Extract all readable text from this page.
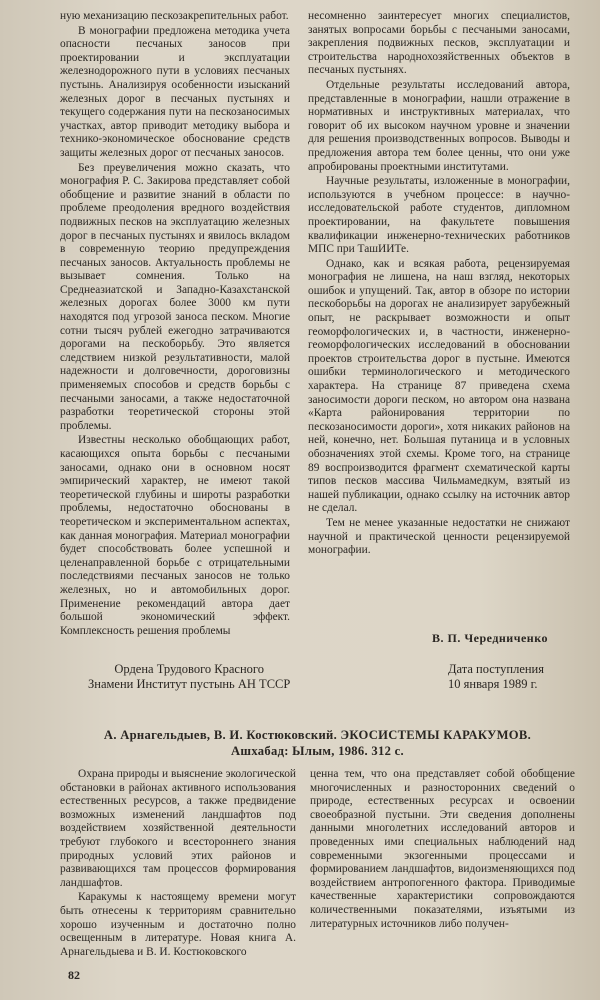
ную механизацию пескозакрепительных работ.

В монографии предложена методика учета опасности песчаных заносов при проектировании и эксплуатации железнодорожного пути в условиях песчаных пустынь. Анализируя особенности изысканий железных дорог в песчаных пустынях и текущего содержания пути на пескозаносимых участках, автор приводит методику выбора и технико-экономическое обоснование средств защиты железных дорог от песчаных заносов.

Без преувеличения можно сказать, что монография Р. С. Закирова представляет собой обобщение и развитие знаний в области по проблеме преодоления вредного воздействия подвижных песков на эксплуатацию железных дорог в песчаных пустынях и явилось вкладом в современную теорию предупреждения песчаных заносов. Актуальность проблемы не вызывает сомнения. Только на Среднеазиатской и Западно-Казахстанской железных дорогах более 3000 км пути находятся под угрозой заноса песком. Многие сотни тысяч рублей ежегодно затрачиваются дорогами на пескоборьбу. Это является следствием низкой результативности, малой надежности и долговечности, дороговизны применяемых способов и средств борьбы с песчаными заносами, а также недостаточной разработки теоретической стороны этой проблемы.

Известны несколько обобщающих работ, касающихся опыта борьбы с песчаными заносами, однако они в основном носят эмпирический характер, не имеют такой теоретической глубины и широты разработки проблемы, недостаточно обоснованы в теоретическом и экспериментальном аспектах, как данная монография. Материал монографии будет способствовать более успешной и целенаправленной борьбе с отрицательными последствиями песчаных заносов не только железных, но и автомобильных дорог. Применение рекомендаций автора дает большой экономический эффект. Комплексность решения проблемы

несомненно заинтересует многих специалистов, занятых вопросами борьбы с песчаными заносами, закрепления подвижных песков, эксплуатации и строительства народнохозяйственных объектов в песчаных пустынях.

Отдельные результаты исследований автора, представленные в монографии, нашли отражение в нормативных и инструктивных материалах, что говорит об их высоком научном уровне и значении для решения производственных вопросов. Выводы и предложения автора тем более ценны, что они уже апробированы проектными институтами.

Научные результаты, изложенные в монографии, используются в учебном процессе: в научно-исследовательской работе студентов, дипломном проектировании, на факультете повышения квалификации инженерно-технических работников МПС при ТашИИТе.

Однако, как и всякая работа, рецензируемая монография не лишена, на наш взгляд, некоторых ошибок и упущений. Так, автор в обзоре по истории пескоборьбы на дорогах не анализирует зарубежный опыт, не раскрывает возможности и опыт геоморфологических и, в частности, инженерно-геоморфологических исследований в обосновании проектов строительства дорог в пустыне. Имеются ошибки терминологического и методического характера. На странице 87 приведена схема заносимости дороги песком, но автором она названа «Карта районирования территории по пескозаносимости дороги», хотя никаких районов на ней, конечно, нет. Большая путаница и в условных обозначениях этой схемы. Кроме того, на странице 89 воспроизводится фрагмент схематической карты типов песков массива Чильмамедкум, взятый из нашей публикации, однако ссылку на источник автор не сделал.

Тем не менее указанные недостатки не снижают научной и практической ценности рецензируемой монографии.

В. П. Чередниченко
Ордена Трудового Красного
Знамени Институт пустынь АН ТССР
Дата поступления
10 января 1989 г.
А. Арнагельдыев, В. И. Костюковский. ЭКОСИСТЕМЫ КАРАКУМОВ.
Ашхабад: Ылым, 1986. 312 с.

Охрана природы и выяснение экологической обстановки в районах активного использования естественных ресурсов, а также предвидение возможных изменений ландшафтов под воздействием хозяйственной деятельности требуют глубокого и всестороннего знания природных условий этих районов и развивающихся там процессов формирования ландшафтов.

Каракумы к настоящему времени могут быть отнесены к территориям сравнительно хорошо изученным и достаточно полно освещенным в литературе. Новая книга А. Арнагельдыева и В. И. Костюковского

ценна тем, что она представляет собой обобщение многочисленных и разносторонних сведений о природе, естественных ресурсах и освоении своеобразной пустыни. Эти сведения дополнены данными многолетних исследований авторов и проведенных ими специальных наблюдений над современными экзогенными процессами и формированием ландшафтов, видоизменяющихся под воздействием антропогенного фактора. Приводимые качественные характеристики сопровождаются количественными показателями, изъятыми из литературных источников либо получен-

82
